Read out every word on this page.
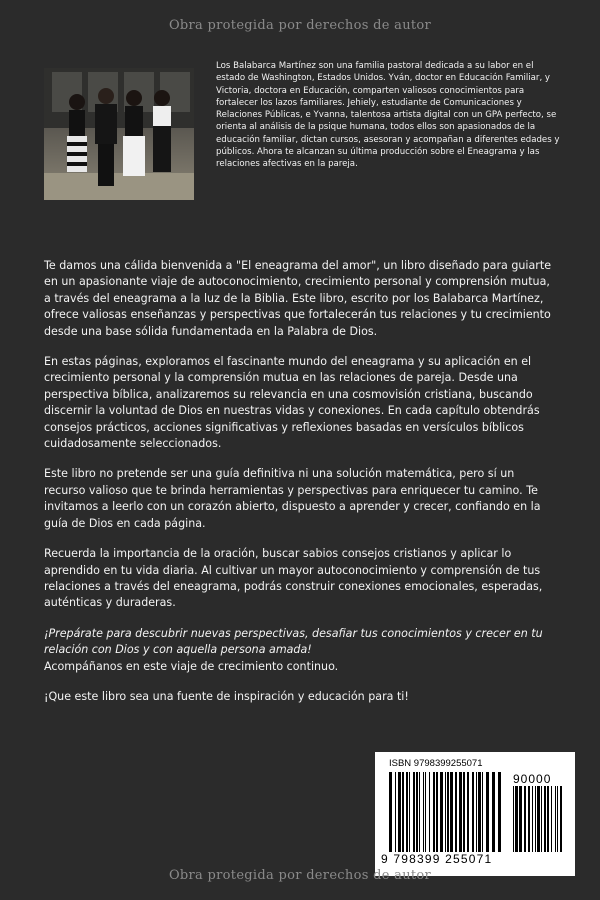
Obra protegida por derechos de autor
Los Balabarca Martínez son una familia pastoral dedicada a su labor en el estado de Washington, Estados Unidos. Yván, doctor en Educación Familiar, y Victoria, doctora en Educación, comparten valiosos conocimientos para fortalecer los lazos familiares. Jehiely, estudiante de Comunicaciones y Relaciones Públicas, e Yvanna, talentosa artista digital con un GPA perfecto, se orienta al análisis de la psique humana, todos ellos son apasionados de la educación familiar, dictan cursos, asesoran y acompañan a diferentes edades y públicos. Ahora te alcanzan su última producción sobre el Eneagrama y las relaciones afectivas en la pareja.

Te damos una cálida bienvenida a "El eneagrama del amor", un libro diseñado para guiarte en un apasionante viaje de autoconocimiento, crecimiento personal y comprensión mutua, a través del eneagrama a la luz de la Biblia. Este libro, escrito por los Balabarca Martínez, ofrece valiosas enseñanzas y perspectivas que fortalecerán tus relaciones y tu crecimiento desde una base sólida fundamentada en la Palabra de Dios.

En estas páginas, exploramos el fascinante mundo del eneagrama y su aplicación en el crecimiento personal y la comprensión mutua en las relaciones de pareja. Desde una perspectiva bíblica, analizaremos su relevancia en una cosmovisión cristiana, buscando discernir la voluntad de Dios en nuestras vidas y conexiones. En cada capítulo obtendrás consejos prácticos, acciones significativas y reflexiones basadas en versículos bíblicos cuidadosamente seleccionados.

Este libro no pretende ser una guía definitiva ni una solución matemática, pero sí un recurso valioso que te brinda herramientas y perspectivas para enriquecer tu camino. Te invitamos a leerlo con un corazón abierto, dispuesto a aprender y crecer, confiando en la guía de Dios en cada página.

Recuerda la importancia de la oración, buscar sabios consejos cristianos y aplicar lo aprendido en tu vida diaria. Al cultivar un mayor autoconocimiento y comprensión de tus relaciones a través del eneagrama, podrás construir conexiones emocionales, esperadas, auténticas y duraderas.

¡Prepárate para descubrir nuevas perspectivas, desafiar tus conocimientos y crecer en tu relación con Dios y con aquella persona amada!
Acompáñanos en este viaje de crecimiento continuo.

¡Que este libro sea una fuente de inspiración y educación para ti!

ISBN 9798399255071
90000
9 798399 255071
Obra protegida por derechos de autor
